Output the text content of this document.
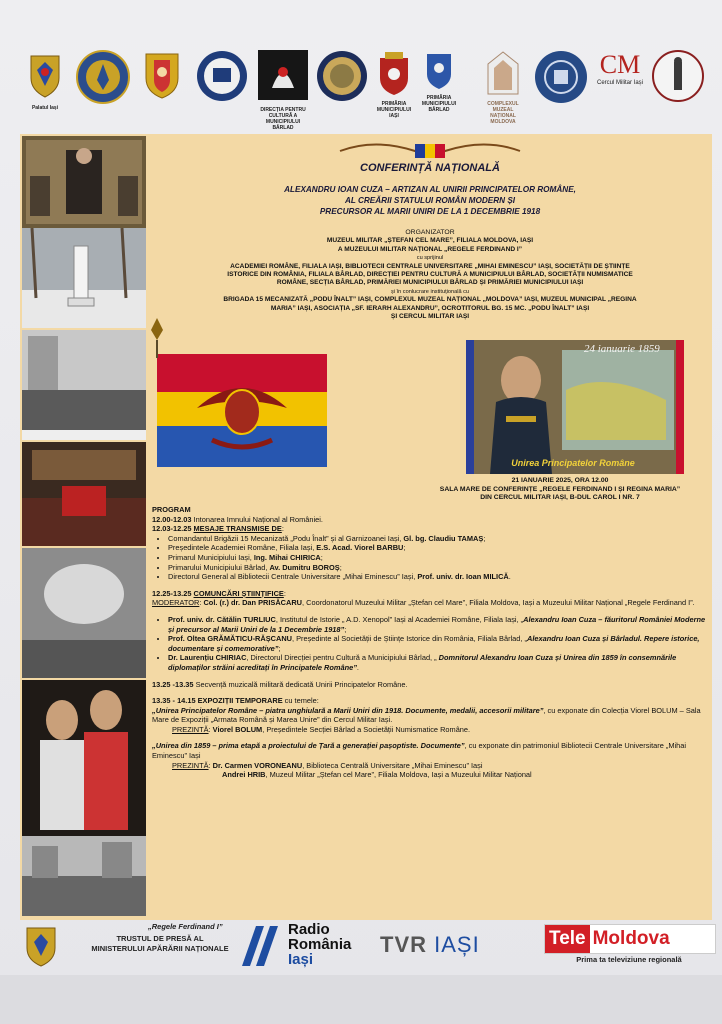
Palatul Iași	DIRECȚIA PENTRU CULTURĂ A MUNICIPIULUI BÂRLAD
PRIMĂRIA MUNICIPIULUI IAȘI
PRIMĂRIA MUNICIPIULUI BÂRLAD
COMPLEXUL MUZEAL NAȚIONAL MOLDOVA
CM
Cercul Militar Iași
CONFERINȚĂ NAȚIONALĂ
ALEXANDRU IOAN CUZA – ARTIZAN AL UNIRII PRINCIPATELOR ROMÂNE,
AL CREĂRII STATULUI ROMÂN MODERN ȘI
PRECURSOR AL MARII UNIRI DE LA 1 DECEMBRIE 1918
ORGANIZATOR
MUZEUL MILITAR „ȘTEFAN CEL MARE”, FILIALA MOLDOVA, IAȘI
A MUZEULUI MILITAR NAȚIONAL „REGELE FERDINAND I”
cu sprijinul
ACADEMIEI ROMÂNE, FILIALA IAȘI, BIBLIOTECII CENTRALE UNIVERSITARE „MIHAI EMINESCU” IAȘI, SOCIETĂȚII DE ȘTIINȚE
ISTORICE DIN ROMÂNIA, FILIALA BÂRLAD, DIRECȚIEI PENTRU CULTURĂ A MUNICIPIULUI BÂRLAD, SOCIETĂȚII NUMISMATICE
ROMÂNE, SECȚIA BÂRLAD, PRIMĂRIEI MUNICIPIULUI BÂRLAD ȘI PRIMĂRIEI MUNICIPIULUI IAȘI
și în conlucrare instituțională cu
BRIGADA 15 MECANIZATĂ „PODU ÎNALT” IAȘI, COMPLEXUL MUZEAL NAȚIONAL „MOLDOVA” IAȘI, MUZEUL MUNICIPAL „REGINA
MARIA” IAȘI, ASOCIAȚIA „SF. IERARH ALEXANDRU”, OCROTITORUL BG. 15 MC. „PODU ÎNALT” IAȘI
ȘI CERCUL MILITAR IAȘI
24 ianuarie 1859
Unirea Principatelor Române
21 IANUARIE 2025, ORA 12.00
SALA MARE DE CONFERINȚE „REGELE FERDINAND I ȘI REGINA MARIA”
DIN CERCUL MILITAR IAȘI, B-DUL CAROL I NR. 7

PROGRAM

12.00-12.03 Intonarea Imnului Național al României.

12.03-12.25 MESAJE TRANSMISE DE:

• Comandantul Brigăzii 15 Mecanizată „Podu Înalt” și al Garnizoanei Iași, Gl. bg. Claudiu TAMAȘ;
• Președintele Academiei Române, Filiala Iași, E.S. Acad. Viorel BARBU;
• Primarul Municipiului Iași, Ing. Mihai CHIRICA;
• Primarului Municipiului Bârlad, Av. Dumitru BOROȘ;
• Directorul General al Bibliotecii Centrale Universitare „Mihai Eminescu” Iași, Prof. univ. dr. Ioan MILICĂ.

12.25-13.25 COMUNCĂRI ȘTIINȚIFICE:

MODERATOR: Col. (r.) dr. Dan PRISĂCARU, Coordonatorul Muzeului Militar „Ștefan cel Mare”, Filiala Moldova, Iași a Muzeului Militar Național „Regele Ferdinand I”.

• Prof. univ. dr. Cătălin TURLIUC, Institutul de Istorie „ A.D. Xenopol” Iași al Academiei Române, Filiala Iași, „Alexandru Ioan Cuza – făuritorul României Moderne și precursor al Marii Uniri de la 1 Decembrie 1918”;
• Prof. Oltea GRĂMĂTICU-RĂȘCANU, Președinte al Societății de Științe Istorice din România, Filiala Bârlad, „Alexandru Ioan Cuza și Bârladul. Repere istorice, documentare și comemorative”;
• Dr. Laurențiu CHIRIAC, Directorul Direcției pentru Cultură a Municipiului Bârlad, „ Domnitorul Alexandru Ioan Cuza și Unirea din 1859 în consemnările diplomaților străini acreditați în Principatele Române”.

13.25 -13.35 Secvență muzicală militară dedicată Unirii Principatelor Române.

13.35 - 14.15 EXPOZIȚII TEMPORARE cu temele:

„Unirea Principatelor Române – piatra unghiulară a Marii Uniri din 1918. Documente, medalii, accesorii militare”, cu exponate din Colecția Viorel BOLUM – Sala Mare de Expoziții „Armata Română și Marea Unire” din Cercul Militar Iași.

PREZINTĂ: Viorel BOLUM, Președintele Secției Bârlad a Societății Numismatice Române.

„Unirea din 1859 – prima etapă a proiectului de Țară a generației pașoptiste. Documente”, cu exponate din patrimoniul Bibliotecii Centrale Universitare „Mihai Eminescu” Iași

PREZINTĂ: Dr. Carmen VORONEANU, Biblioteca Centrală Universitare „Mihai Eminescu” Iași

Andrei HRIB, Muzeul Militar „Ștefan cel Mare”, Filiala Moldova, Iași a Muzeului Militar Național

„Regele Ferdinand I”
TRUSTUL DE PRESĂ AL
MINISTERULUI APĂRĂRII NAȚIONALE
Radio
România
Iași
TVR IAȘI	Tele Moldova
Prima ta televiziune regională
